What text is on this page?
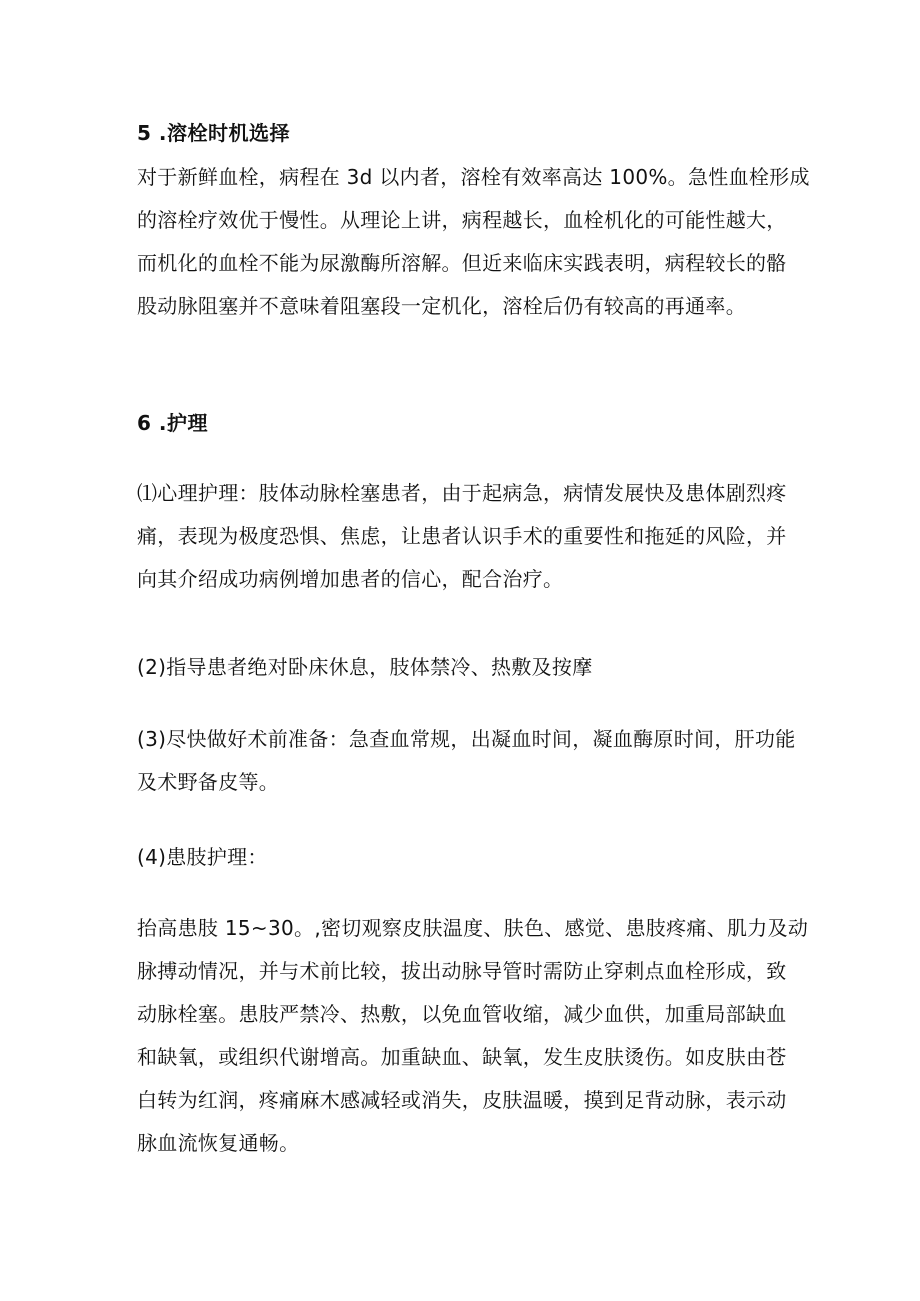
5 .溶栓时机选择

对于新鲜血栓，病程在 3d 以内者，溶栓有效率高达 100%。急性血栓形成
的溶栓疗效优于慢性。从理论上讲，病程越长，血栓机化的可能性越大，
而机化的血栓不能为尿激酶所溶解。但近来临床实践表明，病程较长的骼
股动脉阻塞并不意味着阻塞段一定机化，溶栓后仍有较高的再通率。

6 .护理

⑴心理护理：肢体动脉栓塞患者，由于起病急，病情发展快及患体剧烈疼
痛，表现为极度恐惧、焦虑，让患者认识手术的重要性和拖延的风险，并
向其介绍成功病例增加患者的信心，配合治疗。

(2)指导患者绝对卧床休息，肢体禁冷、热敷及按摩

(3)尽快做好术前准备：急查血常规，出凝血时间，凝血酶原时间，肝功能
及术野备皮等。

(4)患肢护理：

抬高患肢 15~30。,密切观察皮肤温度、肤色、感觉、患肢疼痛、肌力及动
脉搏动情况，并与术前比较，拔出动脉导管时需防止穿刺点血栓形成，致
动脉栓塞。患肢严禁冷、热敷，以免血管收缩，减少血供，加重局部缺血
和缺氧，或组织代谢增高。加重缺血、缺氧，发生皮肤烫伤。如皮肤由苍
白转为红润，疼痛麻木感减轻或消失，皮肤温暖，摸到足背动脉，表示动
脉血流恢复通畅。
